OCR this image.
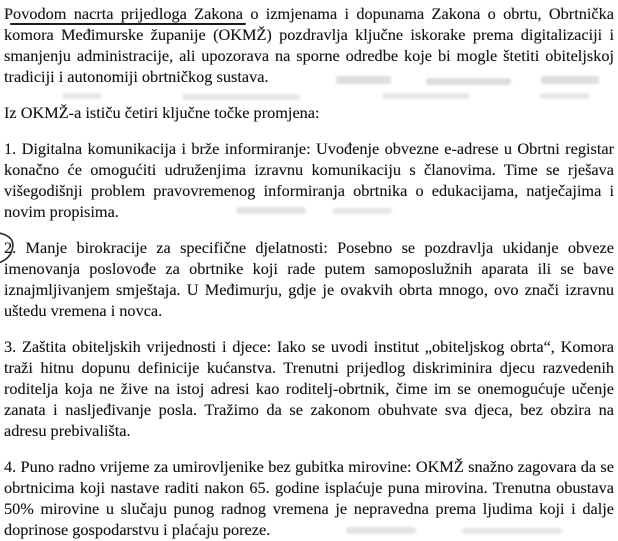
Povodom nacrta prijedloga Zakona o izmjenama i dopunama Zakona o obrtu, Obrtnička komora Međimurske županije (OKMŽ) pozdravlja ključne iskorake prema digitalizaciji i smanjenju administracije, ali upozorava na sporne odredbe koje bi mogle štetiti obiteljskoj tradiciji i autonomiji obrtničkog sustava.

Iz OKMŽ-a ističu četiri ključne točke promjena:

1. Digitalna komunikacija i brže informiranje: Uvođenje obvezne e-adrese u Obrtni registar konačno će omogućiti udruženjima izravnu komunikaciju s članovima. Time se rješava višegodišnji problem pravovremenog informiranja obrtnika o edukacijama, natječajima i novim propisima.

2. Manje birokracije za specifične djelatnosti: Posebno se pozdravlja ukidanje obveze imenovanja poslovođe za obrtnike koji rade putem samoposlužnih aparata ili se bave iznajmljivanjem smještaja. U Međimurju, gdje je ovakvih obrta mnogo, ovo znači izravnu uštedu vremena i novca.

3. Zaštita obiteljskih vrijednosti i djece: Iako se uvodi institut „obiteljskog obrta“, Komora traži hitnu dopunu definicije kućanstva. Trenutni prijedlog diskriminira djecu razvedenih roditelja koja ne žive na istoj adresi kao roditelj-obrtnik, čime im se onemogućuje učenje zanata i nasljeđivanje posla. Tražimo da se zakonom obuhvate sva djeca, bez obzira na adresu prebivališta.

4. Puno radno vrijeme za umirovljenike bez gubitka mirovine: OKMŽ snažno zagovara da se obrtnicima koji nastave raditi nakon 65. godine isplaćuje puna mirovina. Trenutna obustava 50% mirovine u slučaju punog radnog vremena je nepravedna prema ljudima koji i dalje doprinose gospodarstvu i plaćaju poreze.
